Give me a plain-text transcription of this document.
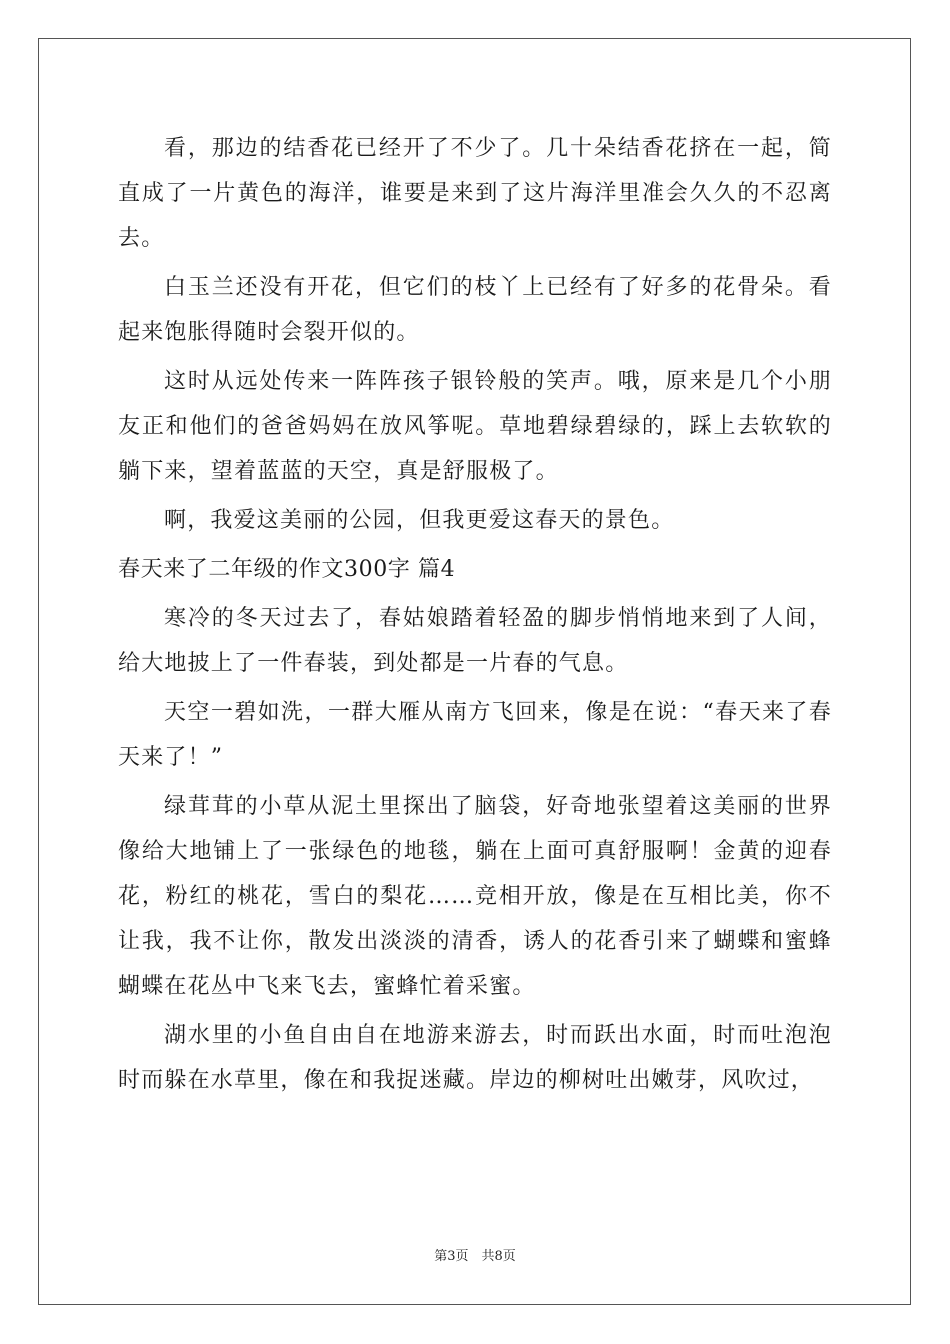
看，那边的结香花已经开了不少了。几十朵结香花挤在一起，简直成了一片黄色的海洋，谁要是来到了这片海洋里准会久久的不忍离去。

白玉兰还没有开花，但它们的枝丫上已经有了好多的花骨朵。看起来饱胀得随时会裂开似的。

这时从远处传来一阵阵孩子银铃般的笑声。哦，原来是几个小朋友正和他们的爸爸妈妈在放风筝呢。草地碧绿碧绿的，踩上去软软的躺下来，望着蓝蓝的天空，真是舒服极了。

啊，我爱这美丽的公园，但我更爱这春天的景色。

春天来了二年级的作文300字 篇4

寒冷的冬天过去了，春姑娘踏着轻盈的脚步悄悄地来到了人间，给大地披上了一件春装，到处都是一片春的气息。

天空一碧如洗，一群大雁从南方飞回来，像是在说：“春天来了春天来了！”

绿茸茸的小草从泥土里探出了脑袋，好奇地张望着这美丽的世界像给大地铺上了一张绿色的地毯，躺在上面可真舒服啊！金黄的迎春花，粉红的桃花，雪白的梨花……竞相开放，像是在互相比美，你不让我，我不让你，散发出淡淡的清香，诱人的花香引来了蝴蝶和蜜蜂蝴蝶在花丛中飞来飞去，蜜蜂忙着采蜜。

湖水里的小鱼自由自在地游来游去，时而跃出水面，时而吐泡泡时而躲在水草里，像在和我捉迷藏。岸边的柳树吐出嫩芽，风吹过，

第3页　共8页
